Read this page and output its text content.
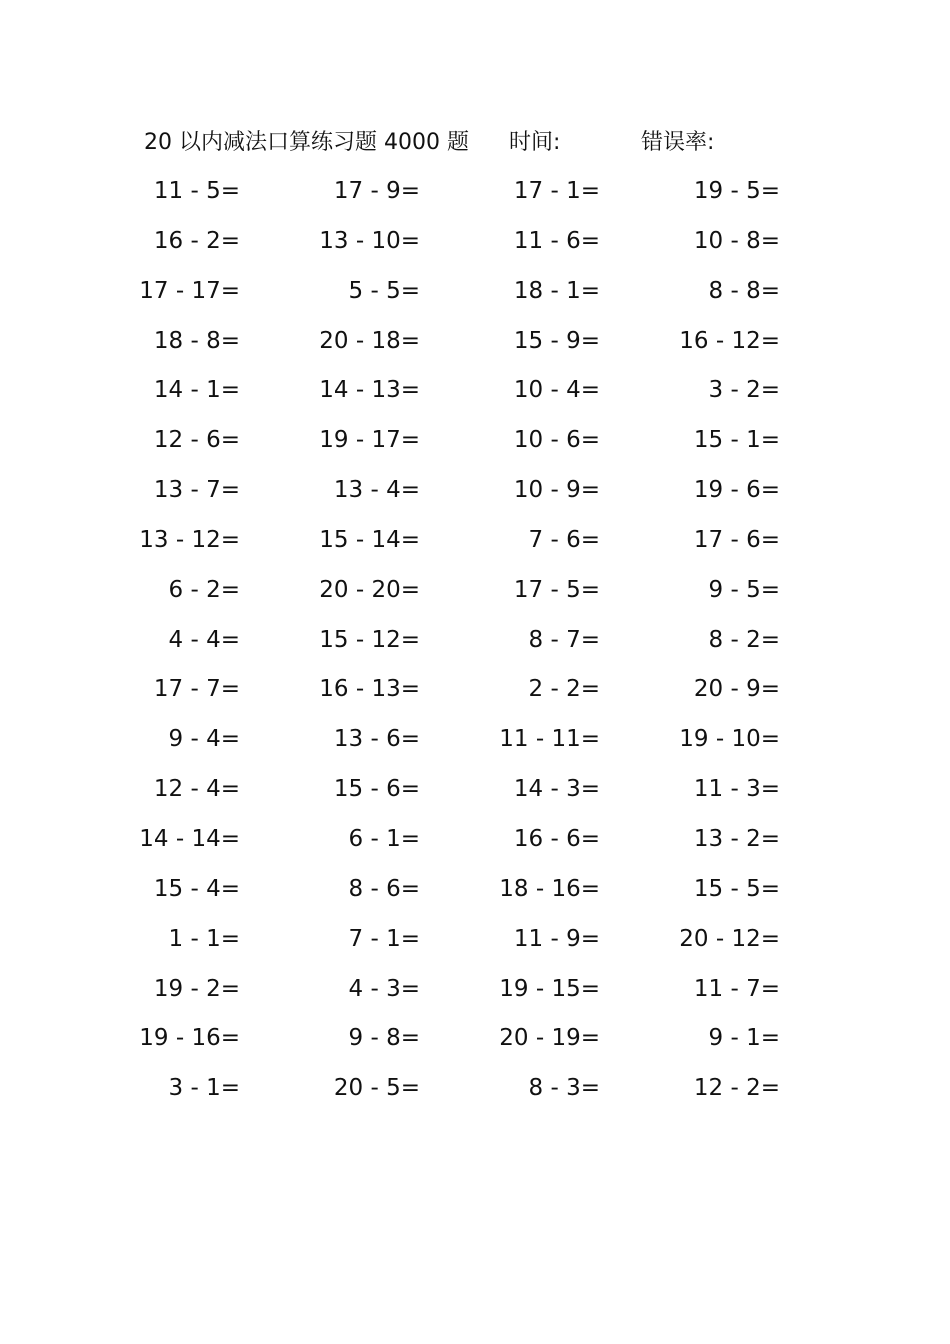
20 以内减法口算练习题 4000 题 时间:	错误率:
11 - 5=	17 - 9=	17 - 1=	19 - 5=
16 - 2=	13 - 10=	11 - 6=	10 - 8=
17 - 17=	5 - 5=	18 - 1=	8 - 8=
18 - 8=	20 - 18=	15 - 9=	16 - 12=
14 - 1=	14 - 13=	10 - 4=	3 - 2=
12 - 6=	19 - 17=	10 - 6=	15 - 1=
13 - 7=	13 - 4=	10 - 9=	19 - 6=
13 - 12=	15 - 14=	7 - 6=	17 - 6=
6 - 2=	20 - 20=	17 - 5=	9 - 5=
4 - 4=	15 - 12=	8 - 7=	8 - 2=
17 - 7=	16 - 13=	2 - 2=	20 - 9=
9 - 4=	13 - 6=	11 - 11=	19 - 10=
12 - 4=	15 - 6=	14 - 3=	11 - 3=
14 - 14=	6 - 1=	16 - 6=	13 - 2=
15 - 4=	8 - 6=	18 - 16=	15 - 5=
1 - 1=	7 - 1=	11 - 9=	20 - 12=
19 - 2=	4 - 3=	19 - 15=	11 - 7=
19 - 16=	9 - 8=	20 - 19=	9 - 1=
3 - 1=	20 - 5=	8 - 3=	12 - 2=
